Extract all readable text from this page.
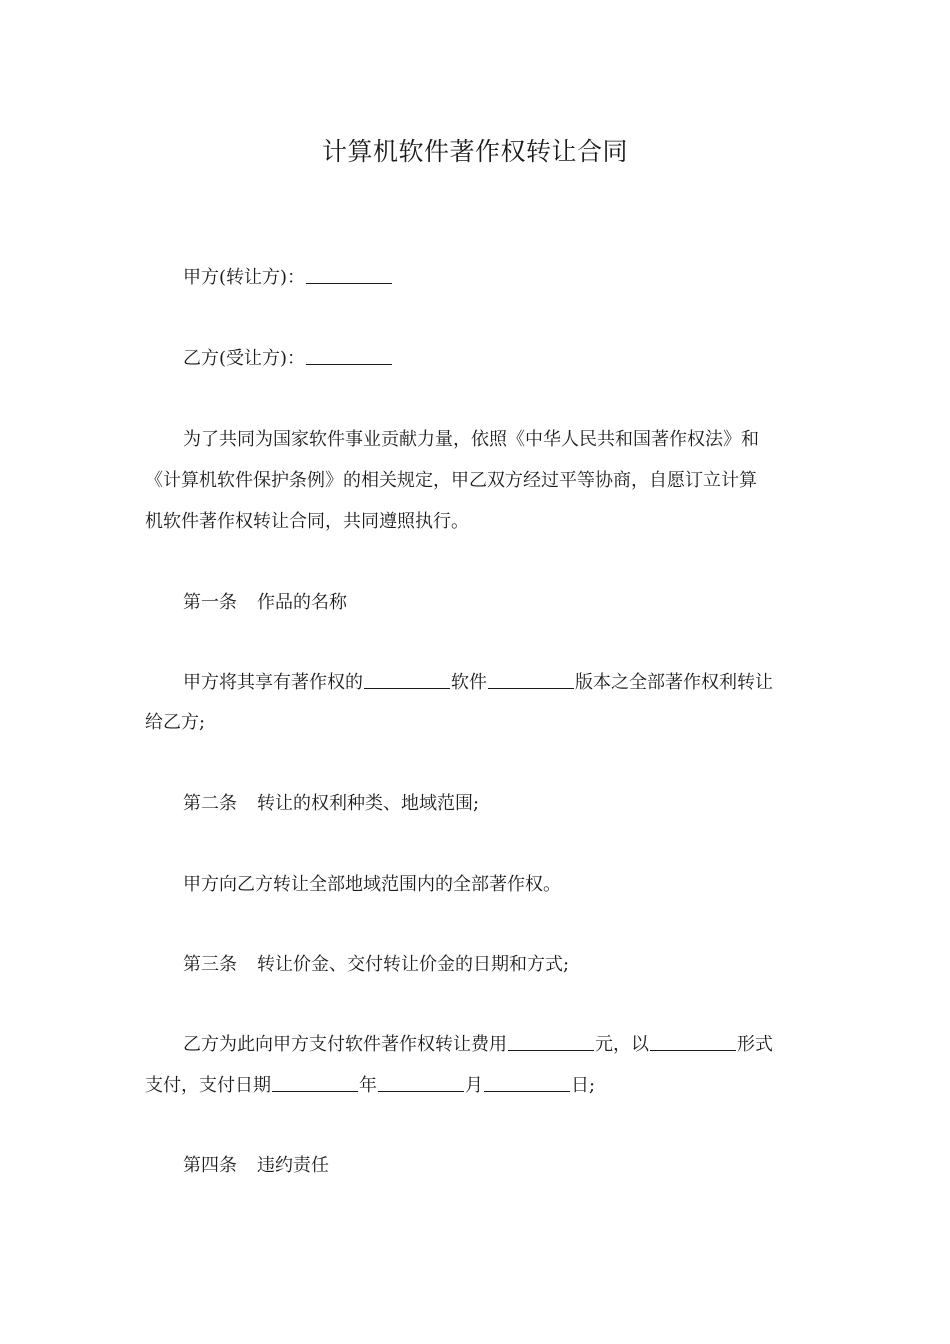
计算机软件著作权转让合同
甲方(转让方)：
乙方(受让方)：
为了共同为国家软件事业贡献力量，依照《中华人民共和国著作权法》和
《计算机软件保护条例》的相关规定，甲乙双方经过平等协商，自愿订立计算
机软件著作权转让合同，共同遵照执行。
第一条 作品的名称
甲方将其享有著作权的	软件	版本之全部著作权利转让
给乙方;
第二条 转让的权利种类、地域范围;
甲方向乙方转让全部地域范围内的全部著作权。
第三条 转让价金、交付转让价金的日期和方式;
乙方为此向甲方支付软件著作权转让费用	元，以	形式
支付，支付日期	年	月	日;
第四条 违约责任
